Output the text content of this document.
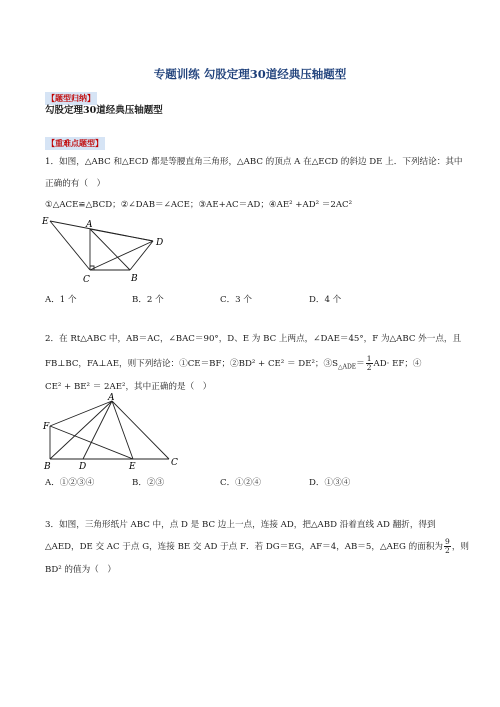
专题训练 勾股定理30道经典压轴题型
【题型归纳】
勾股定理30道经典压轴题型
【重难点题型】
1．如图，△ABC 和△ECD 都是等腰直角三角形，△ABC 的顶点 A 在△ECD 的斜边 DE 上．下列结论：其中
正确的有（　）
①△ACE≌△BCD；②∠DAB＝∠ACE；③AE+AC＝AD；④AE² +AD² ＝2AC²
E	A
D
C	B
A．1 个	B．2 个	C．3 个	D．4 个
2．在 Rt△ABC 中，AB＝AC，∠BAC＝90°，D、E 为 BC 上两点，∠DAE＝45°，F 为△ABC 外一点，且
FB⊥BC，FA⊥AE，则下列结论：①CE＝BF；②BD² + CE² ＝ DE²；$③S_{\triangle ADE}= \frac{1}{2} AD\cdot$ EF；④
CE² + BE² ＝ 2AE²，其中正确的是（　）
A
F
B	D	E	C
A．①②③④	B．②③	C．①②④	D．①③④
3．如图，三角形纸片 ABC 中，点 D 是 BC 边上一点，连接 AD，把△ABD 沿着直线 AD 翻折，得到
△AED，DE 交 AC 于点 G，连接 BE 交 AD 于点 F．若 DG＝EG，AF＝4，AB＝5，△AEG 的面积为 $\frac{9}{2}$ ，则
BD² 的值为（　）
